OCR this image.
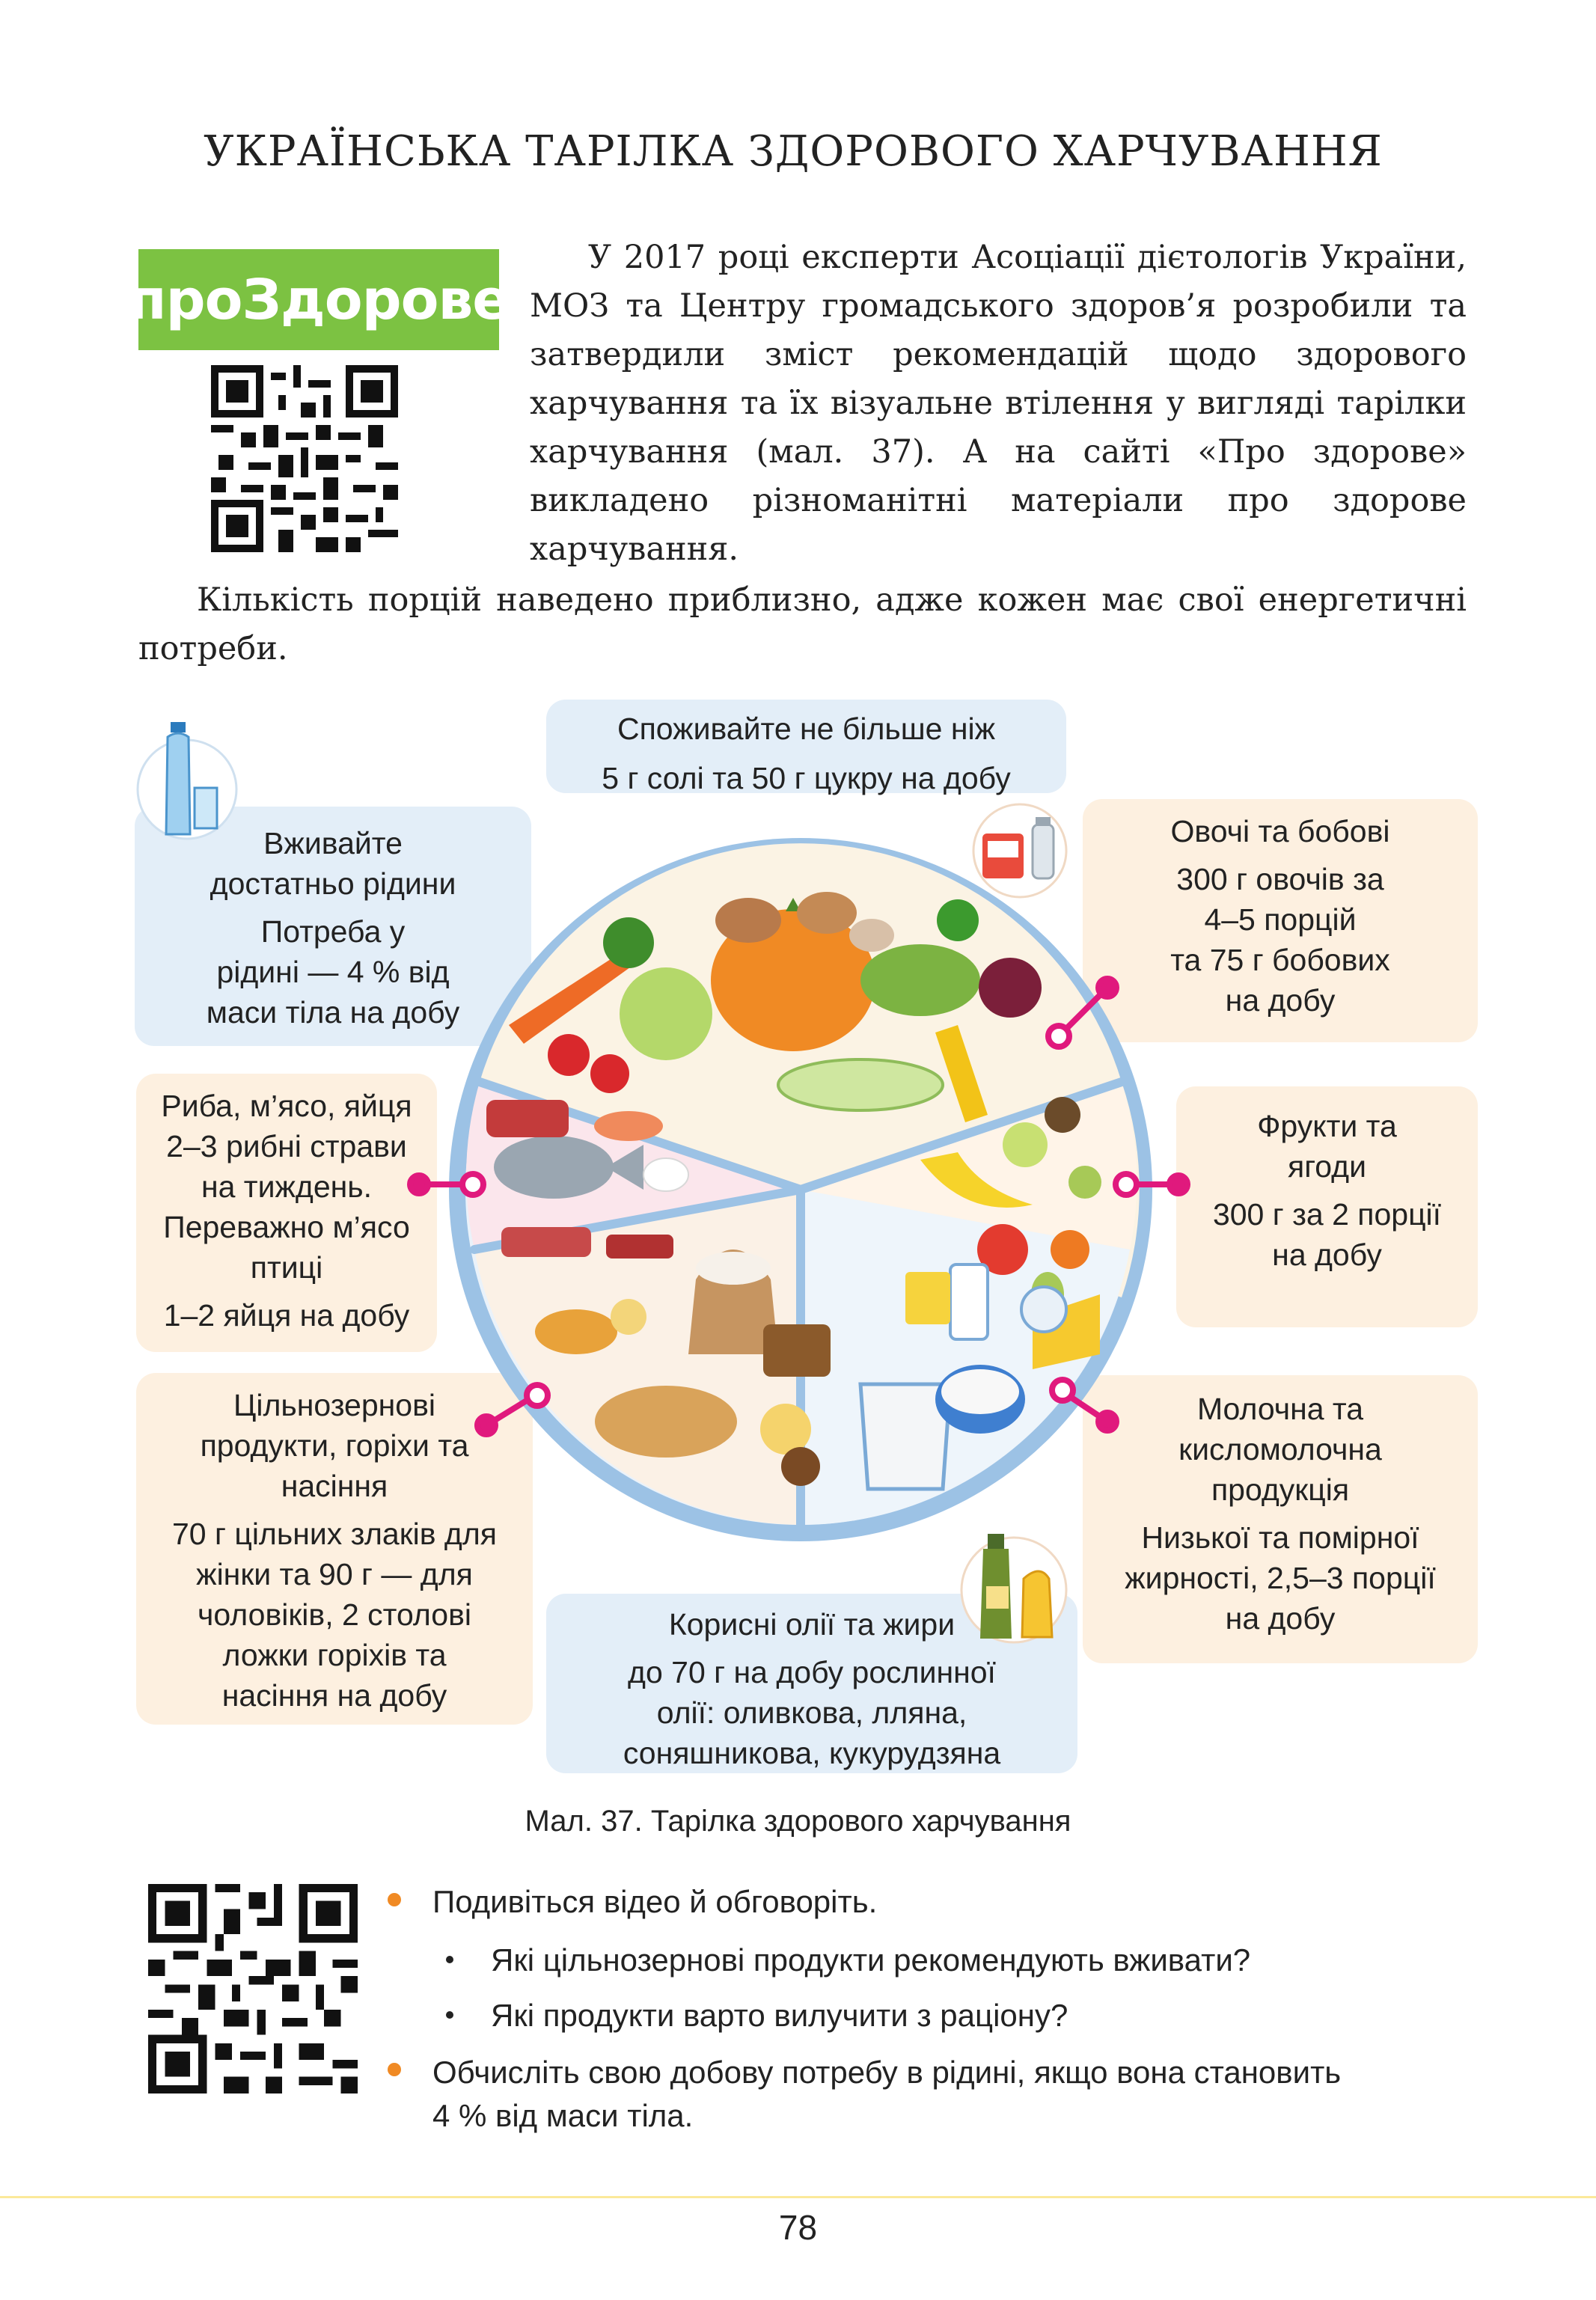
УКРАЇНСЬКА ТАРІЛКА ЗДОРОВОГО ХАРЧУВАННЯ
проЗдорове

У 2017 році експерти Асоціації дієтологів України, МОЗ та Центру громадського здоров’я розробили та затвердили зміст рекомендацій щодо здорового харчування та їх візуальне втілення у вигляді тарілки харчування (мал. 37). А на сайті «Про здорове» викладено різноманітні матеріали про здорове харчування.

Кількість порцій наведено приблизно, адже кожен має свої енергетичні потреби.

Споживайте не більше ніж
5 г солі та 50 г цукру на добу
Вживайте
достатньо рідини
Потреба у
рідині — 4 % від
маси тіла на добу
Овочі та бобові
300 г овочів за
4–5 порцій
та 75 г бобових
на добу
Риба, м’ясо, яйця
2–3 рибні страви
на тиждень.
Переважно м’ясо
птиці
1–2 яйця на добу
Фрукти та
ягоди
300 г за 2 порції
на добу
Цільнозернові
продукти, горіхи та
насіння
70 г цільних злаків для
жінки та 90 г — для
чоловіків, 2 столові
ложки горіхів та
насіння на добу
Молочна та
кисломолочна
продукція
Низької та помірної
жирності, 2,5–3 порції
на добу
Корисні олії та жири
до 70 г на добу рослинної
олії: оливкова, лляна,
соняшникова, кукурудзяна
Мал. 37. Тарілка здорового харчування
Подивіться відео й обговоріть.
Які цільнозернові продукти рекомендують вживати?
Які продукти варто вилучити з раціону?
Обчисліть свою добову потребу в рідині, якщо вона становить
4 % від маси тіла.
78
